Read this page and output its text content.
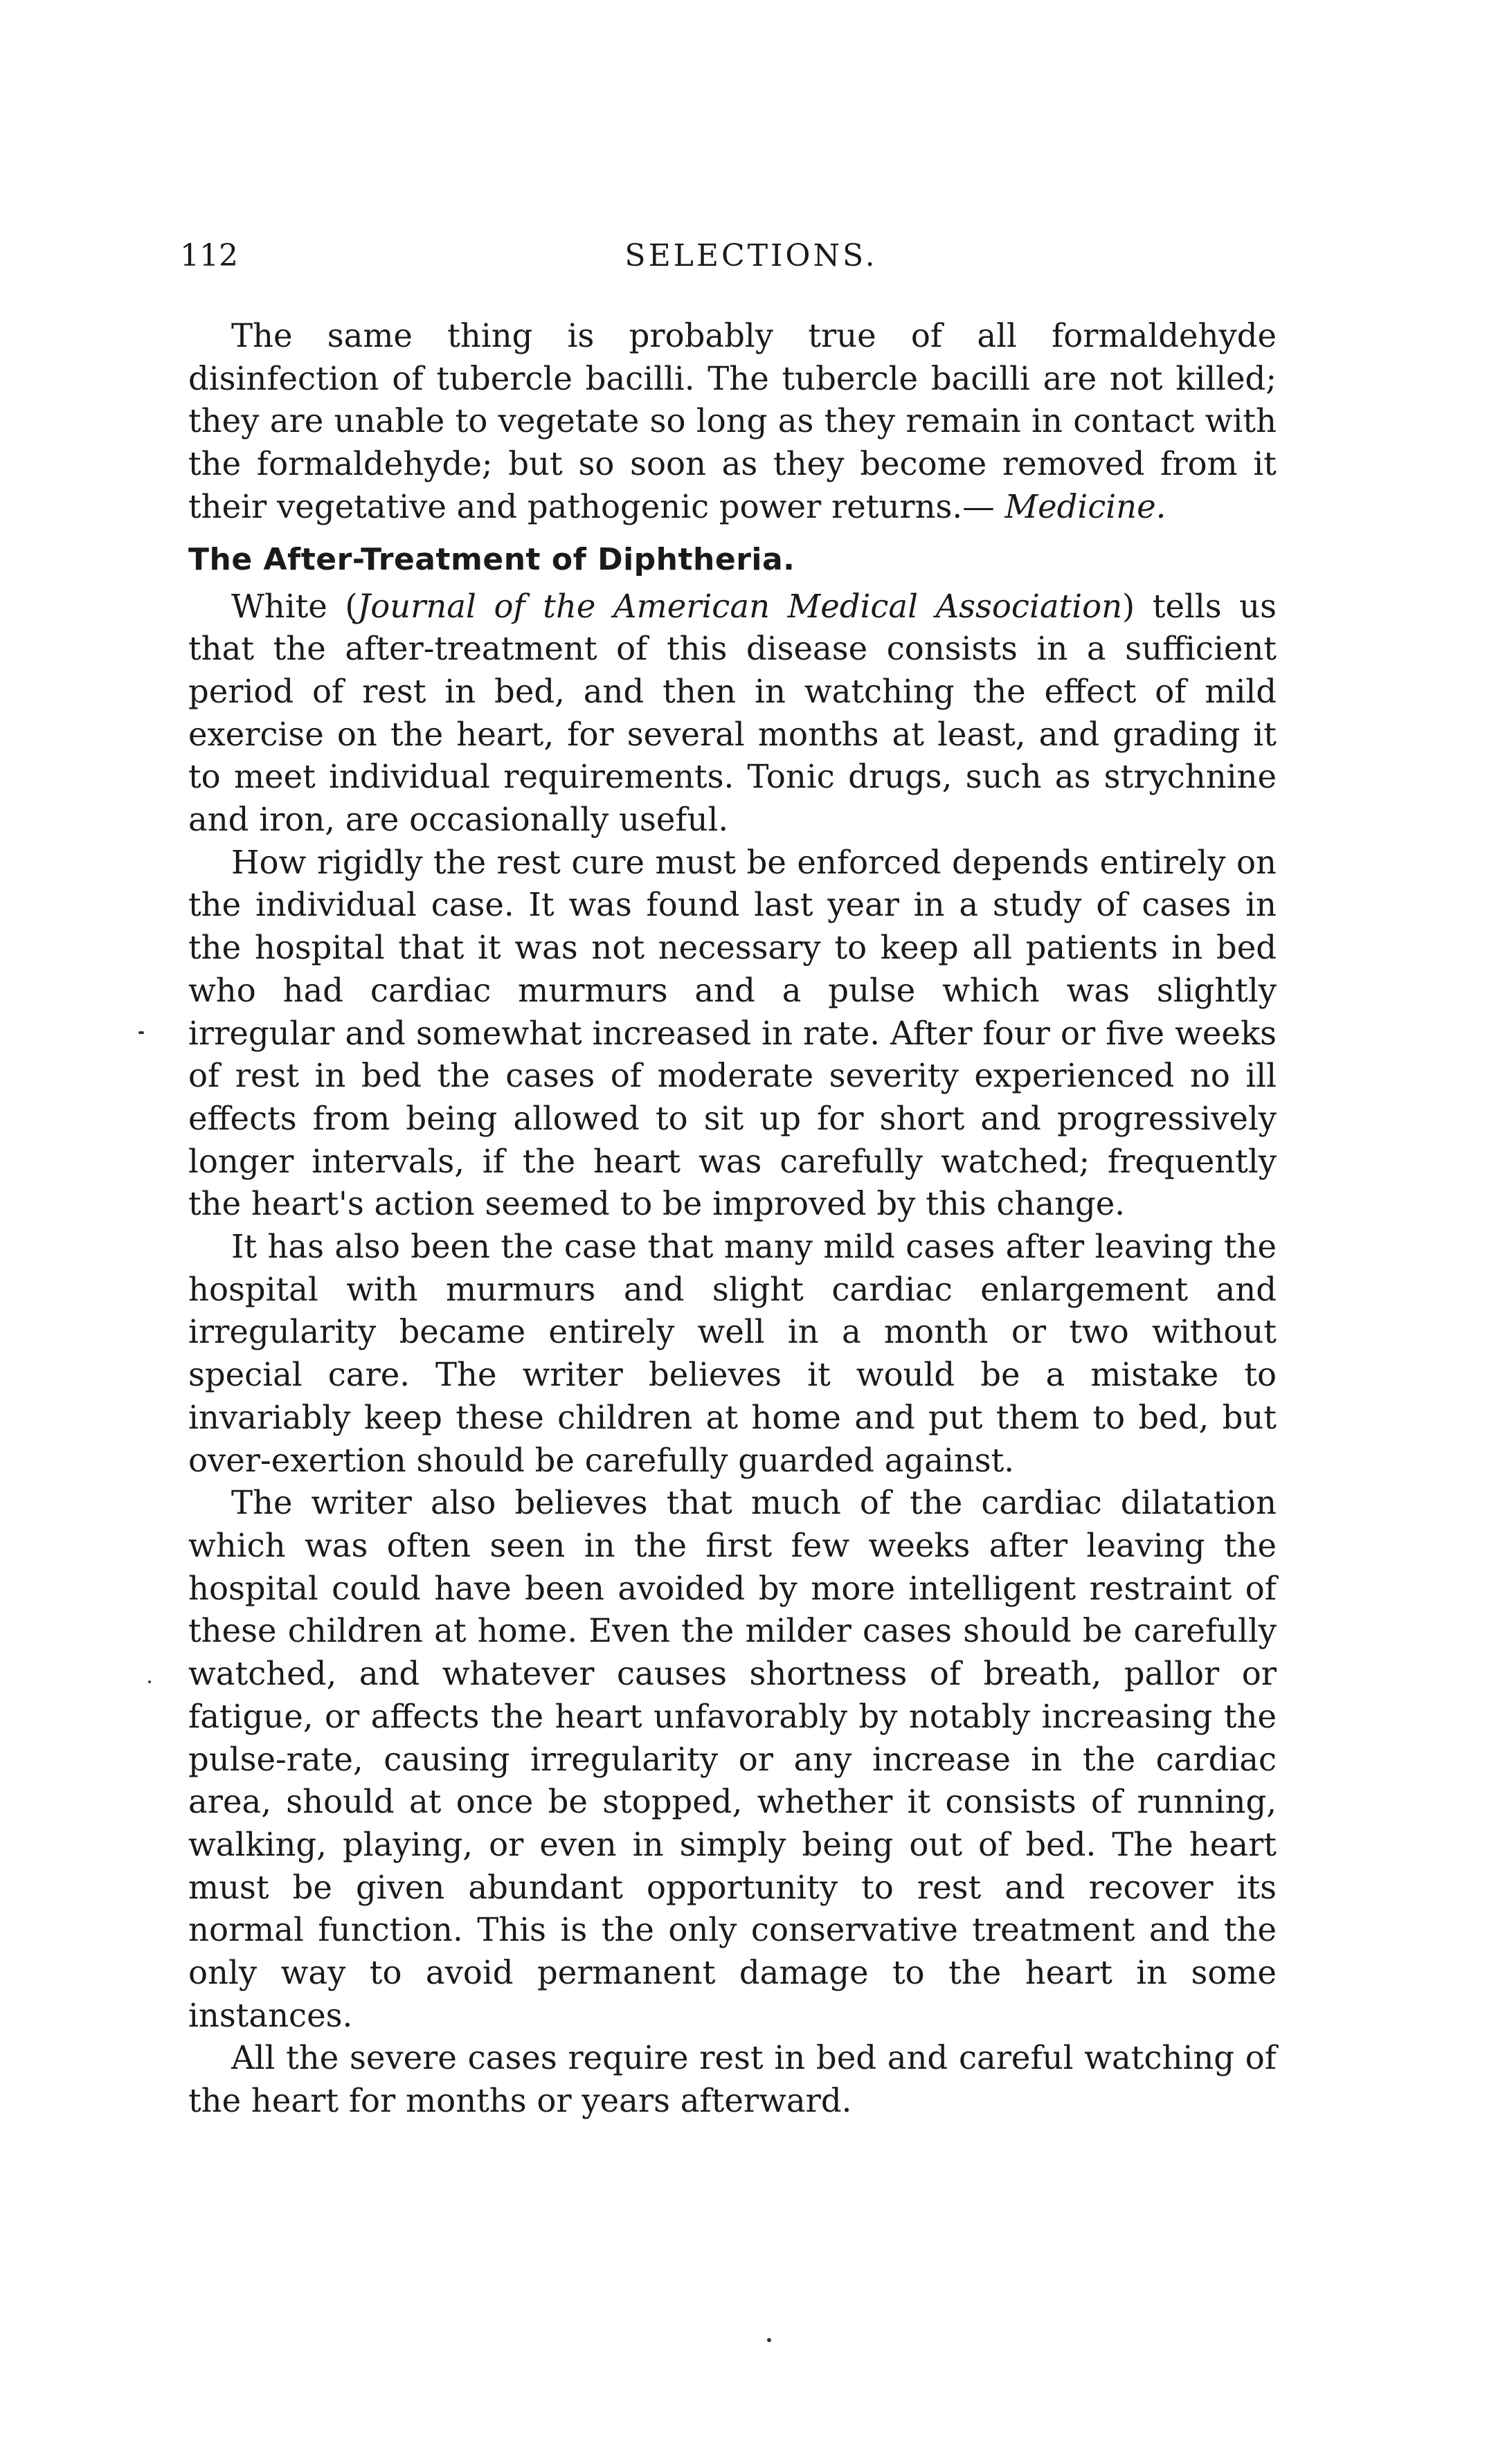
112	SELECTIONS.

The same thing is probably true of all formaldehyde disinfection of tubercle bacilli. The tubercle bacilli are not killed; they are unable to vegetate so long as they remain in contact with the formaldehyde; but so soon as they become removed from it their vegetative and pathogenic power returns.— Medicine.

The After-Treatment of Diphtheria.

White (Journal of the American Medical Association) tells us that the after-treatment of this disease consists in a sufficient period of rest in bed, and then in watching the effect of mild exercise on the heart, for several months at least, and grading it to meet individual requirements. Tonic drugs, such as strychnine and iron, are occasionally useful.

How rigidly the rest cure must be enforced depends entirely on the individual case. It was found last year in a study of cases in the hospital that it was not necessary to keep all patients in bed who had cardiac murmurs and a pulse which was slightly irregular and somewhat increased in rate. After four or five weeks of rest in bed the cases of moderate severity experienced no ill effects from being allowed to sit up for short and progressively longer intervals, if the heart was carefully watched; frequently the heart's action seemed to be improved by this change.

It has also been the case that many mild cases after leaving the hospital with murmurs and slight cardiac enlargement and irregularity became entirely well in a month or two without special care. The writer believes it would be a mistake to invariably keep these children at home and put them to bed, but over-exertion should be carefully guarded against.

The writer also believes that much of the cardiac dilatation which was often seen in the first few weeks after leaving the hospital could have been avoided by more intelligent restraint of these children at home. Even the milder cases should be carefully watched, and whatever causes shortness of breath, pallor or fatigue, or affects the heart unfavorably by notably increasing the pulse-rate, causing irregularity or any increase in the cardiac area, should at once be stopped, whether it consists of running, walking, playing, or even in simply being out of bed. The heart must be given abundant opportunity to rest and recover its normal function. This is the only conservative treatment and the only way to avoid permanent damage to the heart in some instances.

All the severe cases require rest in bed and careful watching of the heart for months or years afterward.
